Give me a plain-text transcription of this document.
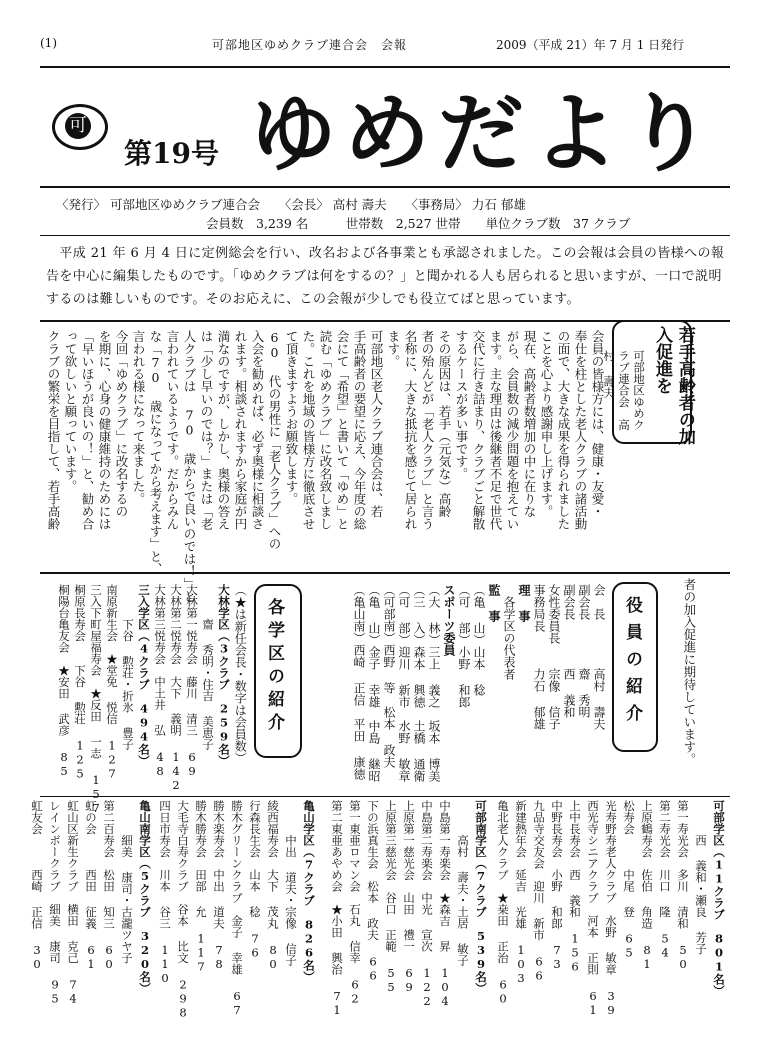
(1)	可部地区ゆめクラブ連合会　会報	2009（平成 21）年 7 月 1 日発行
可
第19号 ゆめだより
〈発行〉 可部地区ゆめクラブ連合会　　〈会長〉 高村 壽夫　　〈事務局〉 力石 郁雄
会員数　3,239 名　　　世帯数　2,527 世帯　　単位クラブ数　37 クラブ
　平成 21 年 6 月 4 日に定例総会を行い、改名および各事業とも承認されました。この会報は会員の皆様への報告を中心に編集したものです。「ゆめクラブは何をするの？」と聞かれる人も居られると思いますが、一口で説明するのは難しいものです。そのお応えに、この会報が少しでも役立てばと思っています。
若手高齢者の加入促進を
可部地区ゆめクラブ連合会　高村 壽夫
会員の皆様方には、健康・友愛・
奉仕を柱とした老人クラブの諸活動
の面で、大きな成果を得られました
ことを心より感謝申し上げます。
現在、高齢者数増加の中に在りな
がら、会員数の減少問題を抱えてい
ます。主な理由は後継者不足で世代
交代に行き詰まり、クラブごと解散
するケースが多い事です。
その原因は、若手（元気な）高齢
者の殆んどが「老人クラブ」と言う
名称に、大きな抵抗を感じて居られ
ます。
可部地区老人クラブ連合会は、若
手高齢者の要望に応え、今年度の総
会にて「希望」と書いて「ゆめ」と
読む「ゆめクラブ」に改名致しまし
た。これを地域の皆様方に徹底させ
て頂きますようお願致します。
60 代の男性に「老人クラブ」への
入会を勧めれば、必ず奥様に相談さ
れます。相談されますから家庭が円
満なのですが、しかし、奥様の答え
は「少し早いのでは？」または「老
人クラブは 70 歳からで良いのでは！」と
言われているようです。だからみん
な「70 歳になってから考えます」と、
言われる様になって来ました。
今回「ゆめクラブ」に改名するの
を期に、心身の健康維持のためには
「早いほうが良いの！」と、勧め合
って欲しいと願っています。
クラブの繁栄を目指して、若手高齢
者の加入促進に期待しています。
役員の紹介
会　長　　　　高村 壽夫
副会長　　　　齋 秀明
副会長　　　　西 義和
女性委員長　　宗像 信子
事務局長　　　力石 郁雄
理 事
　各学区の代表者
監 事
（亀 山）山本 稔
（可 部）小野 和郎
スポーツ委員
（大 林）三上 義之　坂本 博美
（三 入）森本 興徳　土橋 通衛
（可 部）迎川 新市　水野 敏章
（可部南）西野 等　松本 政夫
（亀 山）金子 幸雄　中島 継昭
（亀山南）西崎 正信　平田 康徳
各学区の紹介
（★は新任会長・数字は会員数）
大林学区（3クラブ　259名）
　　　齋 秀明・住吉 美恵子
大林第一悦寿会　藤川 清三 69
大林第二悦寿会　大下 義明 142
大林第三悦寿会　中土井 弘 48
三入学区（4クラブ　494名）
　　　下谷 勲荘・折氷 豊子
南原新生会　★堂免 悦信 127
三入下町屋福寿会　★反田 一志 157
桐原長寿会　　下谷 勲荘 125
桐陽台亀友会　★安田 武彦 85
可部学区（11クラブ　801名）
　　　西 義和・瀬良 芳子
第一寿光会　多川 清和 50
第二寿光会　川口 隆 54
上原鶴寿会　佐伯 角造 81
松寿会　　　中尾 登 65
光寿野寿老人クラブ　水野 敏章 39
西光寺シニアクラブ　河本 正則 61
上中長寿会　西 義和 156
中野長寿会　小野 和郎 73
九品寺交友会　迎川 新市 66
新建熱年会　延吉 光雄 103
亀北老人クラブ　★桒田 正治 60
可部南学区（7クラブ　539名）
　　　高村 壽夫・土居 敏子
中島第一寿楽会　★森吉 昇 104
中島第二寿楽会　中光 宣次 122
上原第一慈光会　山田 禮一 69
上原第三慈光会　谷口 正範 55
下の浜真生会　松本 政夫 66
第一東亜ロマン会　石丸 信幸 62
第二東亜あやめ会　★小田 興治 71
亀山学区（7クラブ　826名）
　　　中出 道夫・宗像 信子
綾西福寿会　大下 茂丸 80
行森長生会　山本 稔 76
勝木グリーンクラブ　金子 幸雄 67
勝木楽寿会　中出 道夫 78
勝木勝寿会　田部 允 117
大毛寺白寿クラブ　谷本 比文 298
四日市寿会　川本 谷三 110
亀山南学区（5クラブ　320名）
　　　細美 康司・古瀧ツヤ子
第二百寿会　松田 知三 60
虹の会　　　西田 征義 61
虹山区新生クラブ　横田 克己 74
レインボークラブ　細美 康司 95
虹友会　　　西崎 正信 30
